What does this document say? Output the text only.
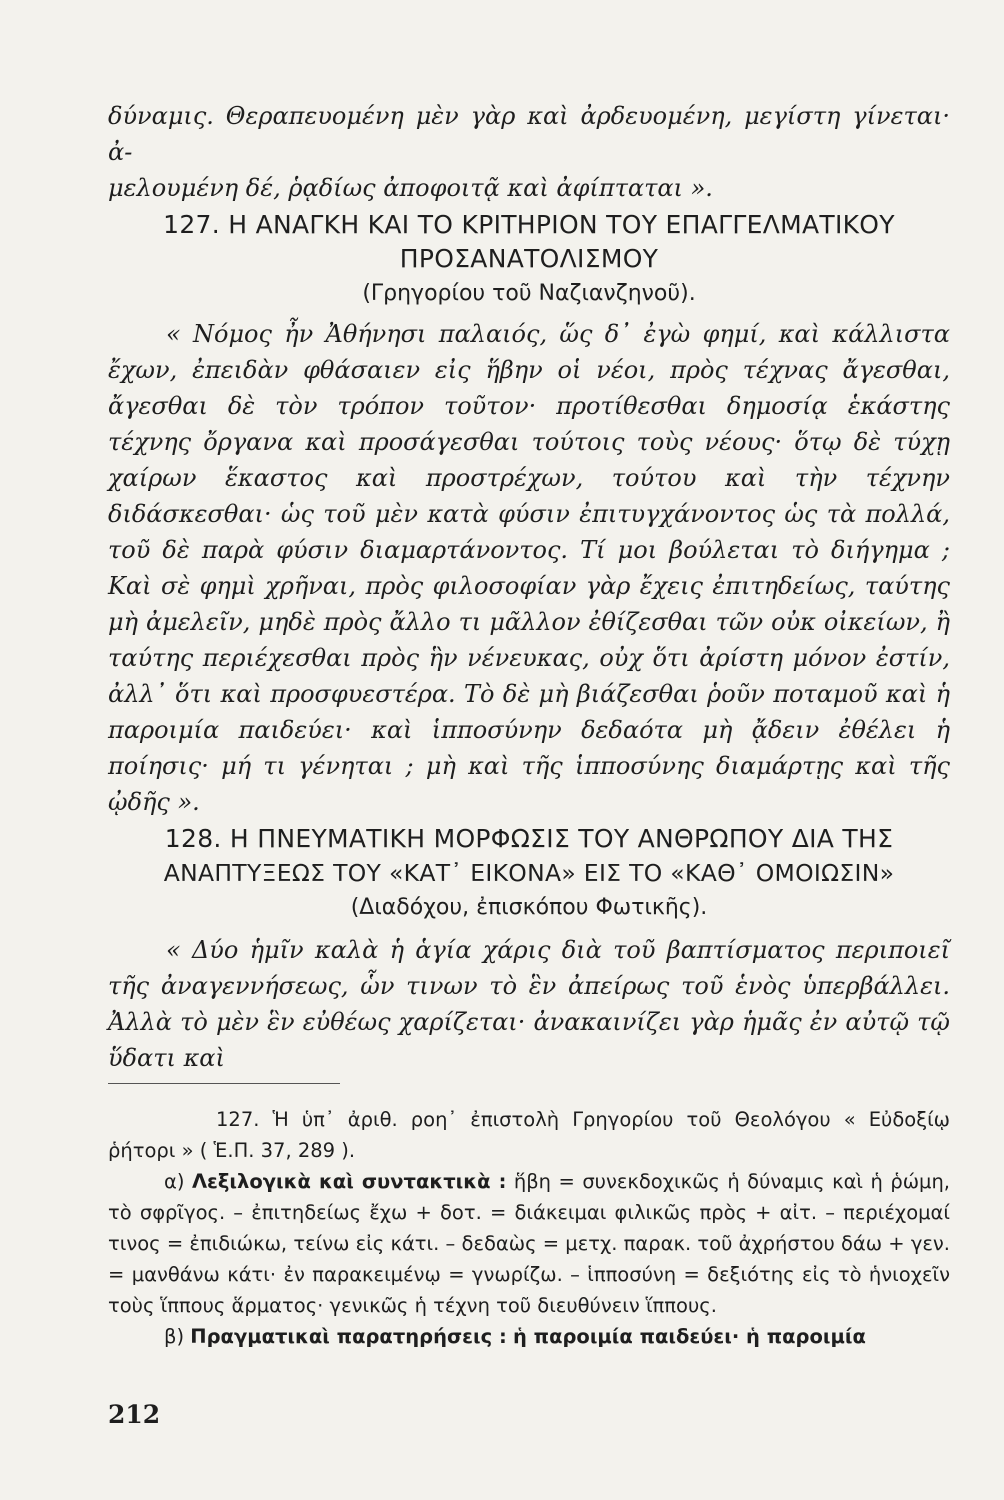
δύναμις. Θεραπευομένη μὲν γὰρ καὶ ἀρδευομένη, μεγίστη γίνεται· ἀ-

μελουμένη δέ, ῥᾳδίως ἀποφοιτᾷ καὶ ἀφίπταται ».

127. Η ΑΝΑΓΚΗ ΚΑΙ ΤΟ ΚΡΙΤΗΡΙΟΝ ΤΟΥ ΕΠΑΓΓΕΛΜΑΤΙΚΟΥ
ΠΡΟΣΑΝΑΤΟΛΙΣΜΟΥ

(Γρηγορίου τοῦ Ναζιανζηνοῦ).

« Νόμος ἦν Ἀθήνησι παλαιός, ὥς δ᾽ ἐγὼ φημί, καὶ κάλλιστα ἔχων, ἐπειδὰν φθάσαιεν εἰς ἥβην οἱ νέοι, πρὸς τέχνας ἄγεσθαι, ἄγεσθαι δὲ τὸν τρόπον τοῦτον· προτίθεσθαι δημοσίᾳ ἑκάστης τέχνης ὄργανα καὶ προσάγεσθαι τούτοις τοὺς νέους· ὅτῳ δὲ τύχῃ χαίρων ἕκαστος καὶ προστρέχων, τούτου καὶ τὴν τέχνην διδάσκεσθαι· ὡς τοῦ μὲν κατὰ φύσιν ἐπιτυγχάνοντος ὡς τὰ πολλά, τοῦ δὲ παρὰ φύσιν διαμαρτάνοντος. Τί μοι βούλεται τὸ διήγημα ; Καὶ σὲ φημὶ χρῆναι, πρὸς φιλοσοφίαν γὰρ ἔχεις ἐπιτηδείως, ταύτης μὴ ἀμελεῖν, μηδὲ πρὸς ἄλλο τι μᾶλλον ἐθίζεσθαι τῶν οὐκ οἰκείων, ἢ ταύτης περιέχεσθαι πρὸς ἣν νένευκας, οὐχ ὅτι ἀρίστη μόνον ἐστίν, ἀλλ᾽ ὅτι καὶ προσφυεστέρα. Τὸ δὲ μὴ βιάζεσθαι ῥοῦν ποταμοῦ καὶ ἡ παροιμία παιδεύει· καὶ ἱπποσύνην δεδαότα μὴ ᾄδειν ἐθέλει ἡ ποίησις· μή τι γένηται ; μὴ καὶ τῆς ἱπποσύνης διαμάρτῃς καὶ τῆς ᾠδῆς ».

128. Η ΠΝΕΥΜΑΤΙΚΗ ΜΟΡΦΩΣΙΣ ΤΟΥ ΑΝΘΡΩΠΟΥ ΔΙΑ ΤΗΣ
ΑΝΑΠΤΥΞΕΩΣ ΤΟΥ «ΚΑΤ᾽ ΕΙΚΟΝΑ» ΕΙΣ ΤΟ «ΚΑΘ᾽ ΟΜΟΙΩΣΙΝ»

(Διαδόχου, ἐπισκόπου Φωτικῆς).

« Δύο ἡμῖν καλὰ ἡ ἁγία χάρις διὰ τοῦ βαπτίσματος περιποιεῖ τῆς ἀναγεννήσεως, ὧν τινων τὸ ἓν ἀπείρως τοῦ ἑνὸς ὑπερβάλλει. Ἀλλὰ τὸ μὲν ἓν εὐθέως χαρίζεται· ἀνακαινίζει γὰρ ἡμᾶς ἐν αὐτῷ τῷ ὕδατι καὶ

127. Ἡ ὑπ᾽ ἀριθ. ροη᾽ ἐπιστολὴ Γρηγορίου τοῦ Θεολόγου « Εὐδοξίῳ ῥήτορι » ( Ἑ.Π. 37, 289 ).

α) Λεξιλογικὰ καὶ συντακτικὰ : ἥβη = συνεκδοχικῶς ἡ δύναμις καὶ ἡ ῥώμη, τὸ σφρῖγος. – ἐπιτηδείως ἔχω + δοτ. = διάκειμαι φιλικῶς πρὸς + αἰτ. – περιέχομαί τινος = ἐπιδιώκω, τείνω εἰς κάτι. – δεδαὼς = μετχ. παρακ. τοῦ ἀχρήστου δάω + γεν. = μανθάνω κάτι· ἐν παρακειμένῳ = γνωρίζω. – ἱπποσύνη = δεξιότης εἰς τὸ ἡνιοχεῖν τοὺς ἵππους ἅρματος· γενικῶς ἡ τέχνη τοῦ διευθύνειν ἵππους.

β) Πραγματικαὶ παρατηρήσεις : ἡ παροιμία παιδεύει· ἡ παροιμία

212
